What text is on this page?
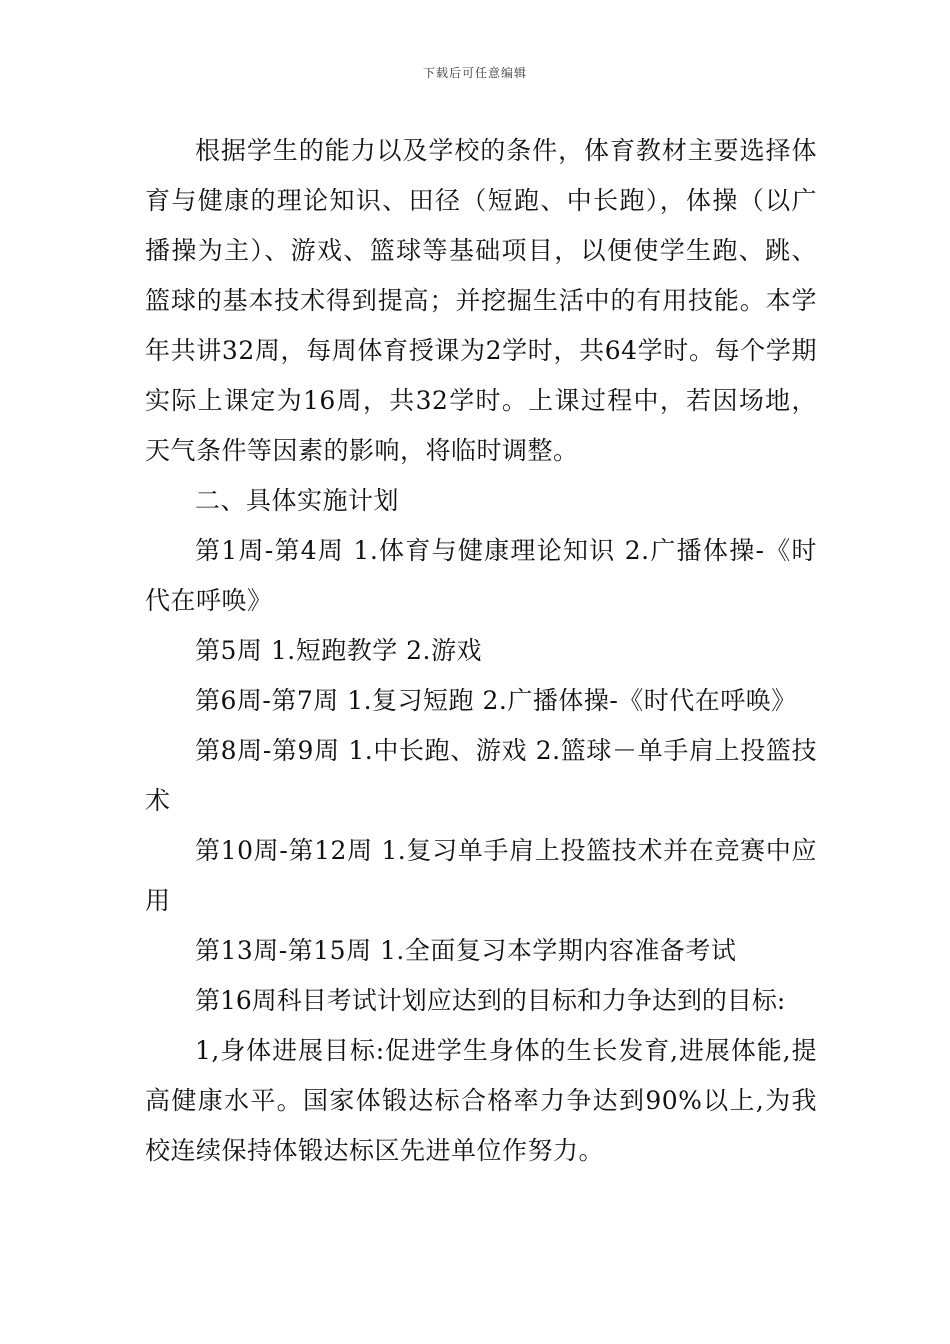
下载后可任意编辑

根据学生的能力以及学校的条件，体育教材主要选择体育与健康的理论知识、田径（短跑、中长跑），体操（以广播操为主）、游戏、篮球等基础项目，以便使学生跑、跳、篮球的基本技术得到提高；并挖掘生活中的有用技能。本学年共讲32周，每周体育授课为2学时，共64学时。每个学期实际上课定为16周，共32学时。上课过程中，若因场地，天气条件等因素的影响，将临时调整。

二、具体实施计划

第1周-第4周 1.体育与健康理论知识 2.广播体操-《时代在呼唤》

第5周 1.短跑教学 2.游戏

第6周-第7周 1.复习短跑 2.广播体操-《时代在呼唤》

第8周-第9周 1.中长跑、游戏 2.篮球－单手肩上投篮技术

第10周-第12周 1.复习单手肩上投篮技术并在竞赛中应用

第13周-第15周 1.全面复习本学期内容准备考试

第16周科目考试计划应达到的目标和力争达到的目标:

1,身体进展目标:促进学生身体的生长发育,进展体能,提高健康水平。国家体锻达标合格率力争达到90%以上,为我校连续保持体锻达标区先进单位作努力。
